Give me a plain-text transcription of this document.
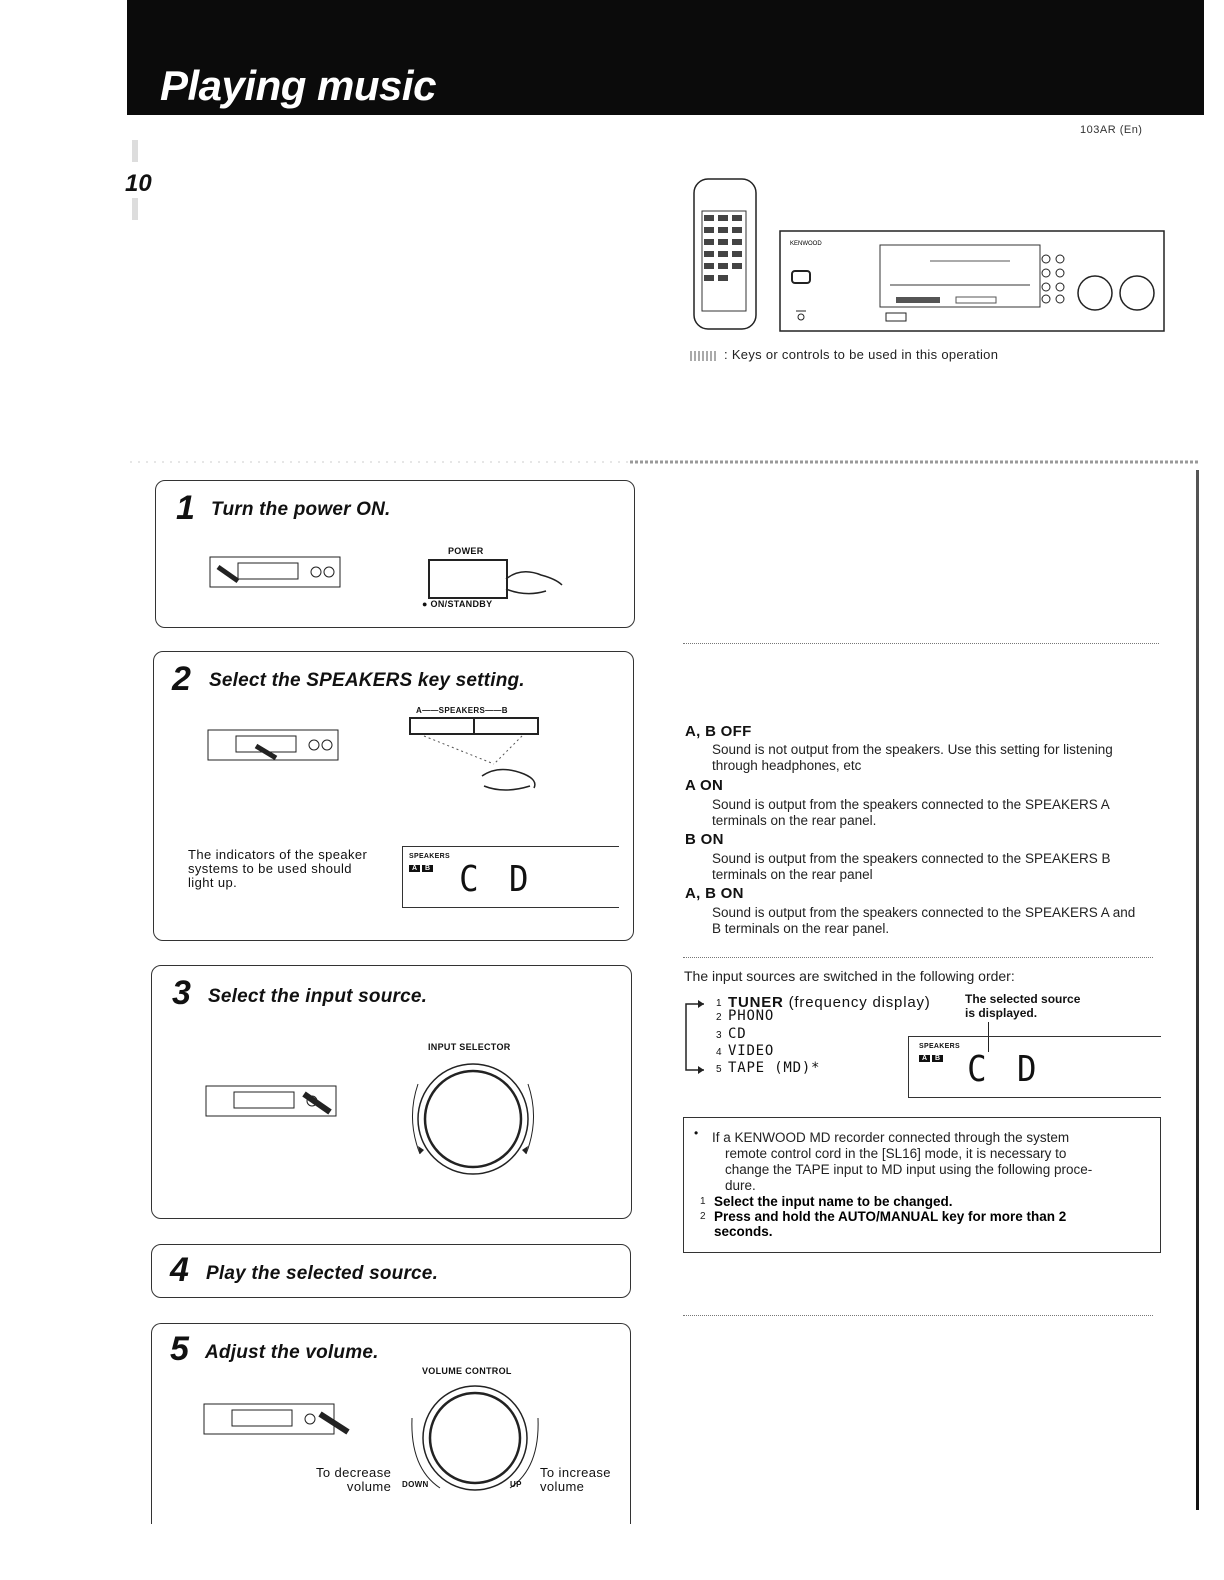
Playing music
103AR (En)
10
KENWOOD
: Keys or controls to be used in this operation
1 Turn the power ON.
POWER
● ON/STANDBY
2 Select the SPEAKERS key setting.
A——SPEAKERS——B
The indicators of the speaker
systems to be used should
light up.
SPEAKERS
A B C D
3 Select the input source.
INPUT SELECTOR
4 Play the selected source.
5 Adjust the volume.
VOLUME CONTROL
To decrease
volume DOWN	UP
To increase
volume
A, B OFF
Sound is not output from the speakers. Use this setting for listening
through headphones, etc
A ON
Sound is output from the speakers connected to the SPEAKERS A
terminals on the rear panel.
B ON
Sound is output from the speakers connected to the SPEAKERS B
terminals on the rear panel
A, B ON
Sound is output from the speakers connected to the SPEAKERS A and
B terminals on the rear panel.
The input sources are switched in the following order:
1 TUNER (frequency display)
2 PHONO
3 CD
4 VIDEO
5 TAPE (MD)*
The selected source
is displayed.
SPEAKERS
A B C D
• If a KENWOOD MD recorder connected through the system
remote control cord in the [SL16] mode, it is necessary to
change the TAPE input to MD input using the following proce-
dure.
1 Select the input name to be changed.
2 Press and hold the AUTO/MANUAL key for more than 2
seconds.
